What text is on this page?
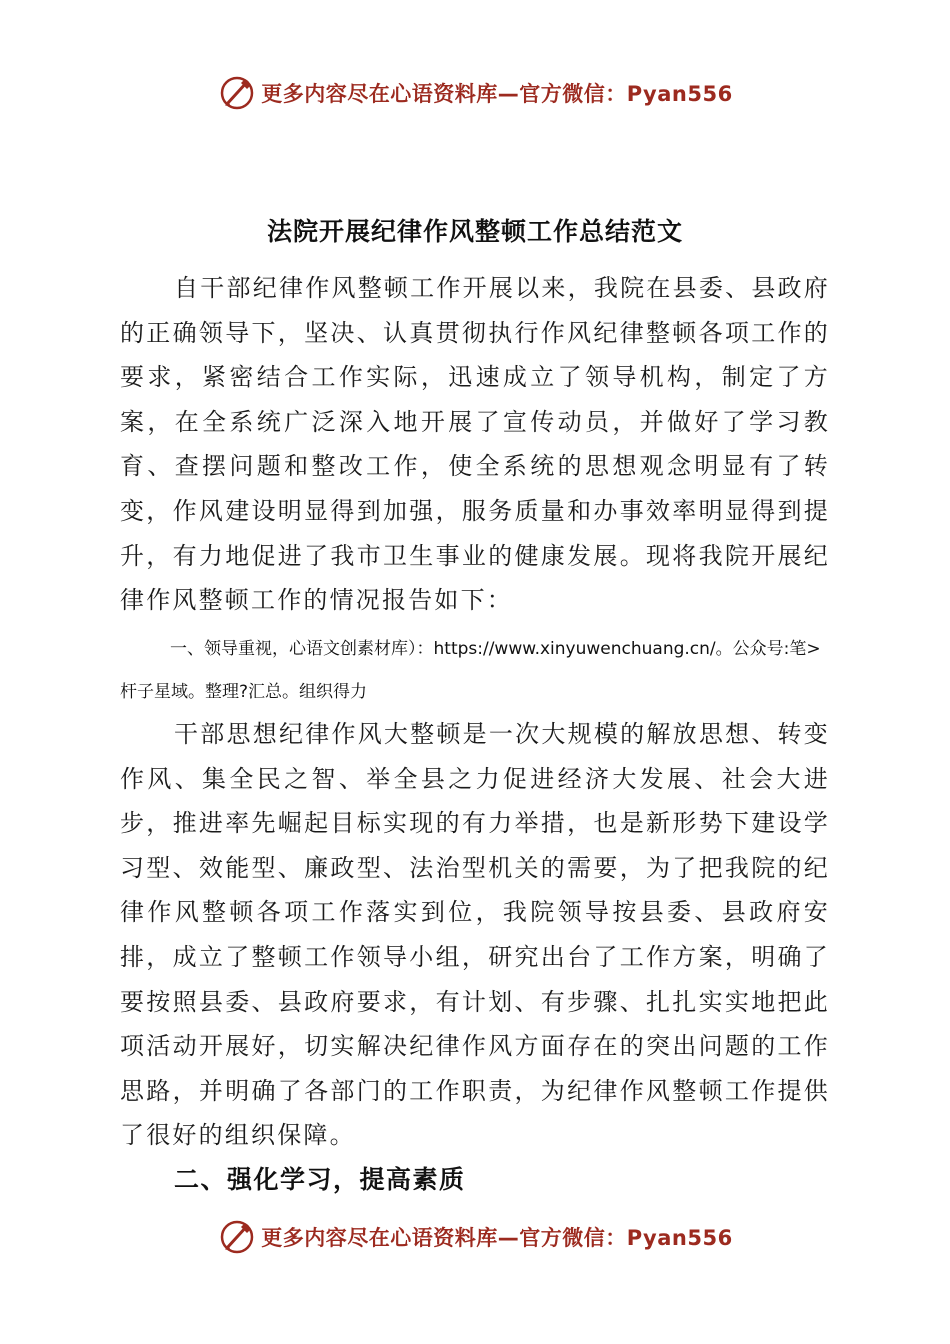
更多内容尽在心语资料库—官方微信：Pyan556
法院开展纪律作风整顿工作总结范文

自干部纪律作风整顿工作开展以来，我院在县委、县政府的正确领导下，坚决、认真贯彻执行作风纪律整顿各项工作的要求，紧密结合工作实际，迅速成立了领导机构，制定了方案，在全系统广泛深入地开展了宣传动员，并做好了学习教育、查摆问题和整改工作，使全系统的思想观念明显有了转变，作风建设明显得到加强，服务质量和办事效率明显得到提升，有力地促进了我市卫生事业的健康发展。现将我院开展纪律作风整顿工作的情况报告如下：

一、领导重视，心语文创素材库）：https://www.xinyuwenchuang.cn/。公众号:笔>杆子星域。整理?汇总。组织得力

干部思想纪律作风大整顿是一次大规模的解放思想、转变作风、集全民之智、举全县之力促进经济大发展、社会大进步，推进率先崛起目标实现的有力举措，也是新形势下建设学习型、效能型、廉政型、法治型机关的需要，为了把我院的纪律作风整顿各项工作落实到位，我院领导按县委、县政府安排，成立了整顿工作领导小组，研究出台了工作方案，明确了要按照县委、县政府要求，有计划、有步骤、扎扎实实地把此项活动开展好，切实解决纪律作风方面存在的突出问题的工作思路，并明确了各部门的工作职责，为纪律作风整顿工作提供了很好的组织保障。

二、强化学习，提高素质

更多内容尽在心语资料库—官方微信：Pyan556
